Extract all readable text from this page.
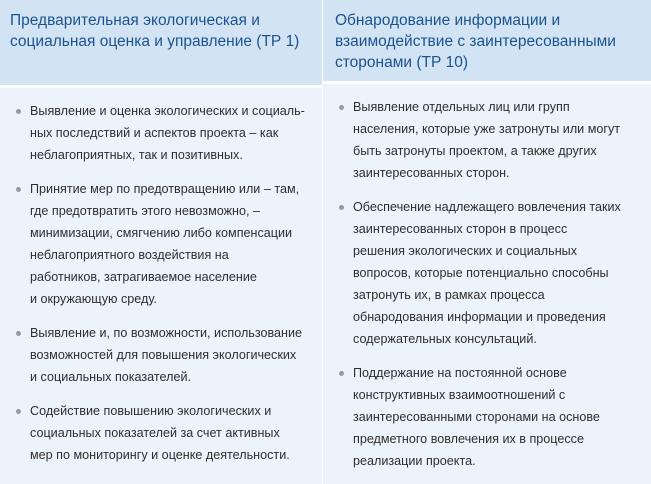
Предварительная экологическая и
социальная оценка и управление (ТР 1)
Выявление и оценка экологических и социаль-
ных последствий и аспектов проекта – как
неблагоприятных, так и позитивных.
Принятие мер по предотвращению или – там,
где предотвратить этого невозможно, –
минимизации, смягчению либо компенсации
неблагоприятного воздействия на
работников, затрагиваемое население
и окружающую среду.
Выявление и, по возможности, использование
возможностей для повышения экологических
и социальных показателей.
Содействие повышению экологических и
социальных показателей за счет активных
мер по мониторингу и оценке деятельности.
Обнародование информации и
взаимодействие с заинтересованными
сторонами (ТР 10)
Выявление отдельных лиц или групп
населения, которые уже затронуты или могут
быть затронуты проектом, а также других
заинтересованных сторон.
Обеспечение надлежащего вовлечения таких
заинтересованных сторон в процесс
решения экологических и социальных
вопросов, которые потенциально способны
затронуть их, в рамках процесса
обнародования информации и проведения
содержательных консультаций.
Поддержание на постоянной основе
конструктивных взаимоотношений с
заинтересованными сторонами на основе
предметного вовлечения их в процессе
реализации проекта.
